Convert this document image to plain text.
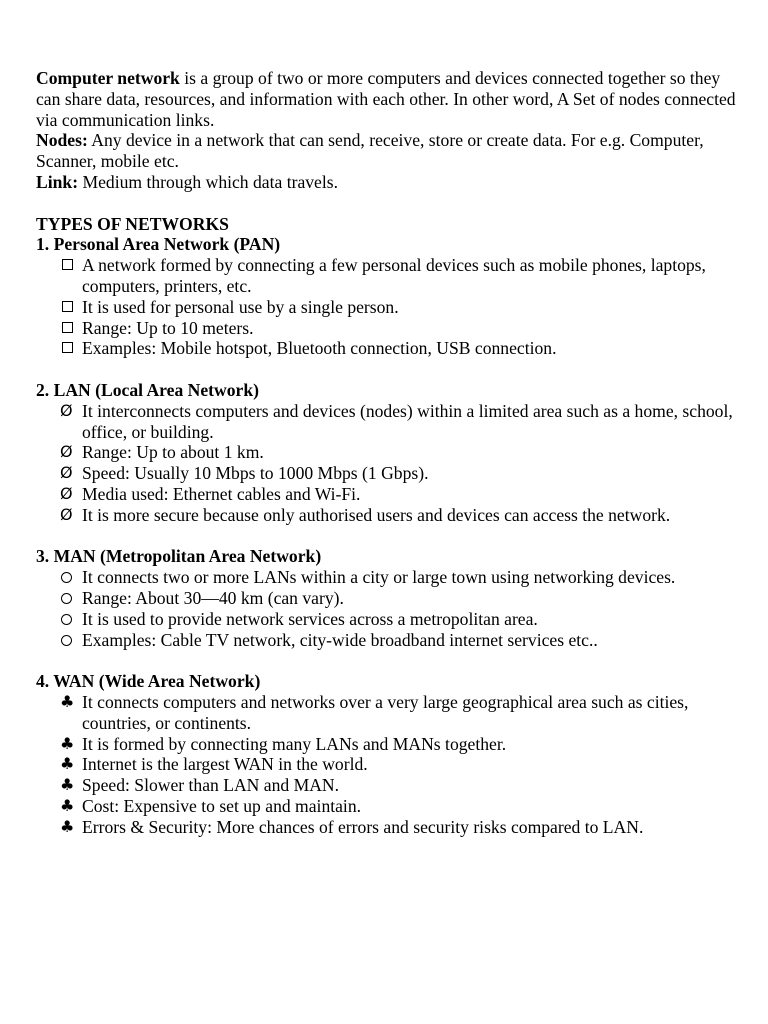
Computer network is a group of two or more computers and devices connected together so they can share data, resources, and information with each other. In other word, A Set of nodes connected via communication links.

Nodes: Any device in a network that can send, receive, store or create data. For e.g. Computer, Scanner, mobile etc.

Link: Medium through which data travels.

TYPES OF NETWORKS

1. Personal Area Network (PAN)

A network formed by connecting a few personal devices such as mobile phones, laptops, computers, printers, etc.
It is used for personal use by a single person.
Range: Up to 10 meters.
Examples: Mobile hotspot, Bluetooth connection, USB connection.

2. LAN (Local Area Network)

Ø It interconnects computers and devices (nodes) within a limited area such as a home, school, office, or building.
Ø Range: Up to about 1 km.
Ø Speed: Usually 10 Mbps to 1000 Mbps (1 Gbps).
Ø Media used: Ethernet cables and Wi-Fi.
Ø It is more secure because only authorised users and devices can access the network.

3. MAN (Metropolitan Area Network)

It connects two or more LANs within a city or large town using networking devices.
Range: About 30—40 km (can vary).
It is used to provide network services across a metropolitan area.
Examples: Cable TV network, city-wide broadband internet services etc..

4. WAN (Wide Area Network)

♣ It connects computers and networks over a very large geographical area such as cities, countries, or continents.
♣ It is formed by connecting many LANs and MANs together.
♣ Internet is the largest WAN in the world.
♣ Speed: Slower than LAN and MAN.
♣ Cost: Expensive to set up and maintain.
♣ Errors & Security: More chances of errors and security risks compared to LAN.
